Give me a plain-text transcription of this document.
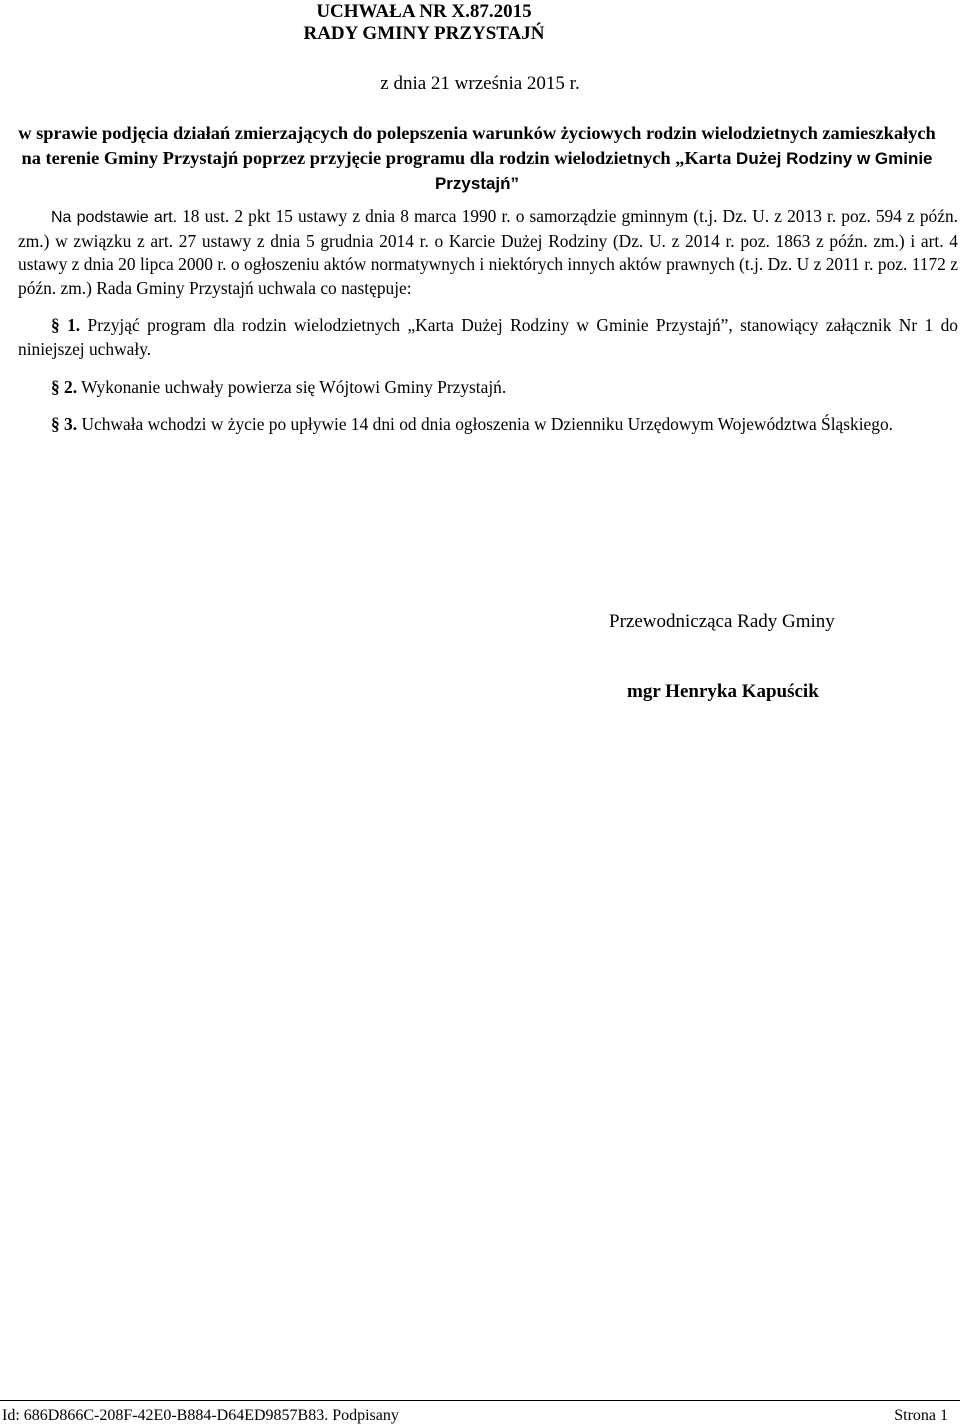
UCHWAŁA NR X.87.2015
RADY GMINY PRZYSTAJŃ
z dnia 21 września 2015 r.
w sprawie podjęcia działań zmierzających do polepszenia warunków życiowych rodzin wielodzietnych zamieszkałych na terenie Gminy Przystajń poprzez przyjęcie programu dla rodzin wielodzietnych „Karta Dużej Rodziny w Gminie Przystajń”

Na podstawie art. 18 ust. 2 pkt 15 ustawy z dnia 8 marca 1990 r. o samorządzie gminnym (t.j. Dz. U. z 2013 r. poz. 594 z późn. zm.) w związku z art. 27 ustawy z dnia 5 grudnia 2014 r. o Karcie Dużej Rodziny (Dz. U. z 2014 r. poz. 1863 z późn. zm.) i art. 4 ustawy z dnia 20 lipca 2000 r. o ogłoszeniu aktów normatywnych i niektórych innych aktów prawnych (t.j. Dz. U z 2011 r. poz. 1172 z późn. zm.) Rada Gminy Przystajń uchwala co następuje:

§ 1. Przyjąć program dla rodzin wielodzietnych „Karta Dużej Rodziny w Gminie Przystajń”, stanowiący załącznik Nr 1 do niniejszej uchwały.

§ 2. Wykonanie uchwały powierza się Wójtowi Gminy Przystajń.

§ 3. Uchwała wchodzi w życie po upływie 14 dni od dnia ogłoszenia w Dzienniku Urzędowym Województwa Śląskiego.

Przewodnicząca Rady Gminy
mgr Henryka Kapuścik
Id: 686D866C-208F-42E0-B884-D64ED9857B83. Podpisany	Strona 1
